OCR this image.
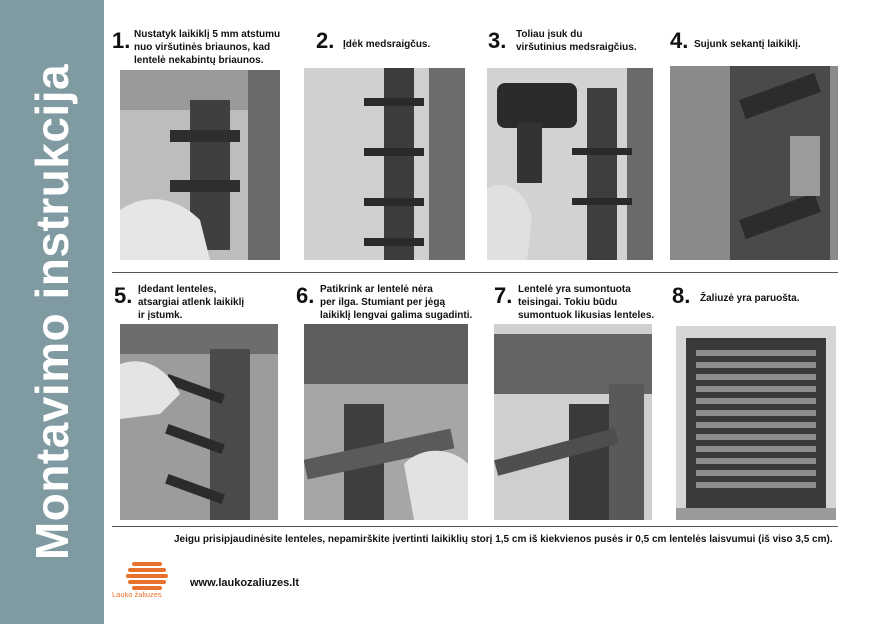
Montavimo instrukcija
1. Nustatyk laikiklį 5 mm atstumu
nuo viršutinės briaunos, kad
lentelė nekabintų briaunos.
2. Įdėk medsraigčus.	3. Toliau įsuk du
viršutinius medsraigčius. 4. Sujunk sekantį laikiklį.
5. Įdedant lenteles,
atsargiai atlenk laikiklį
ir įstumk.
6. Patikrink ar lentelė nėra
per ilga. Stumiant per jėgą
laikiklį lengvai galima sugadinti.
7. Lentelė yra sumontuota
teisingai. Tokiu būdu
sumontuok likusias lenteles.
8. Žaliuzė yra paruošta.
Jeigu prisipjaudinėsite lenteles, nepamirškite įvertinti laikiklių storį 1,5 cm iš kiekvienos pusės ir 0,5 cm lentelės laisvumui (iš viso 3,5 cm).
Lauko žaliuzės
www.laukozaliuzes.lt
